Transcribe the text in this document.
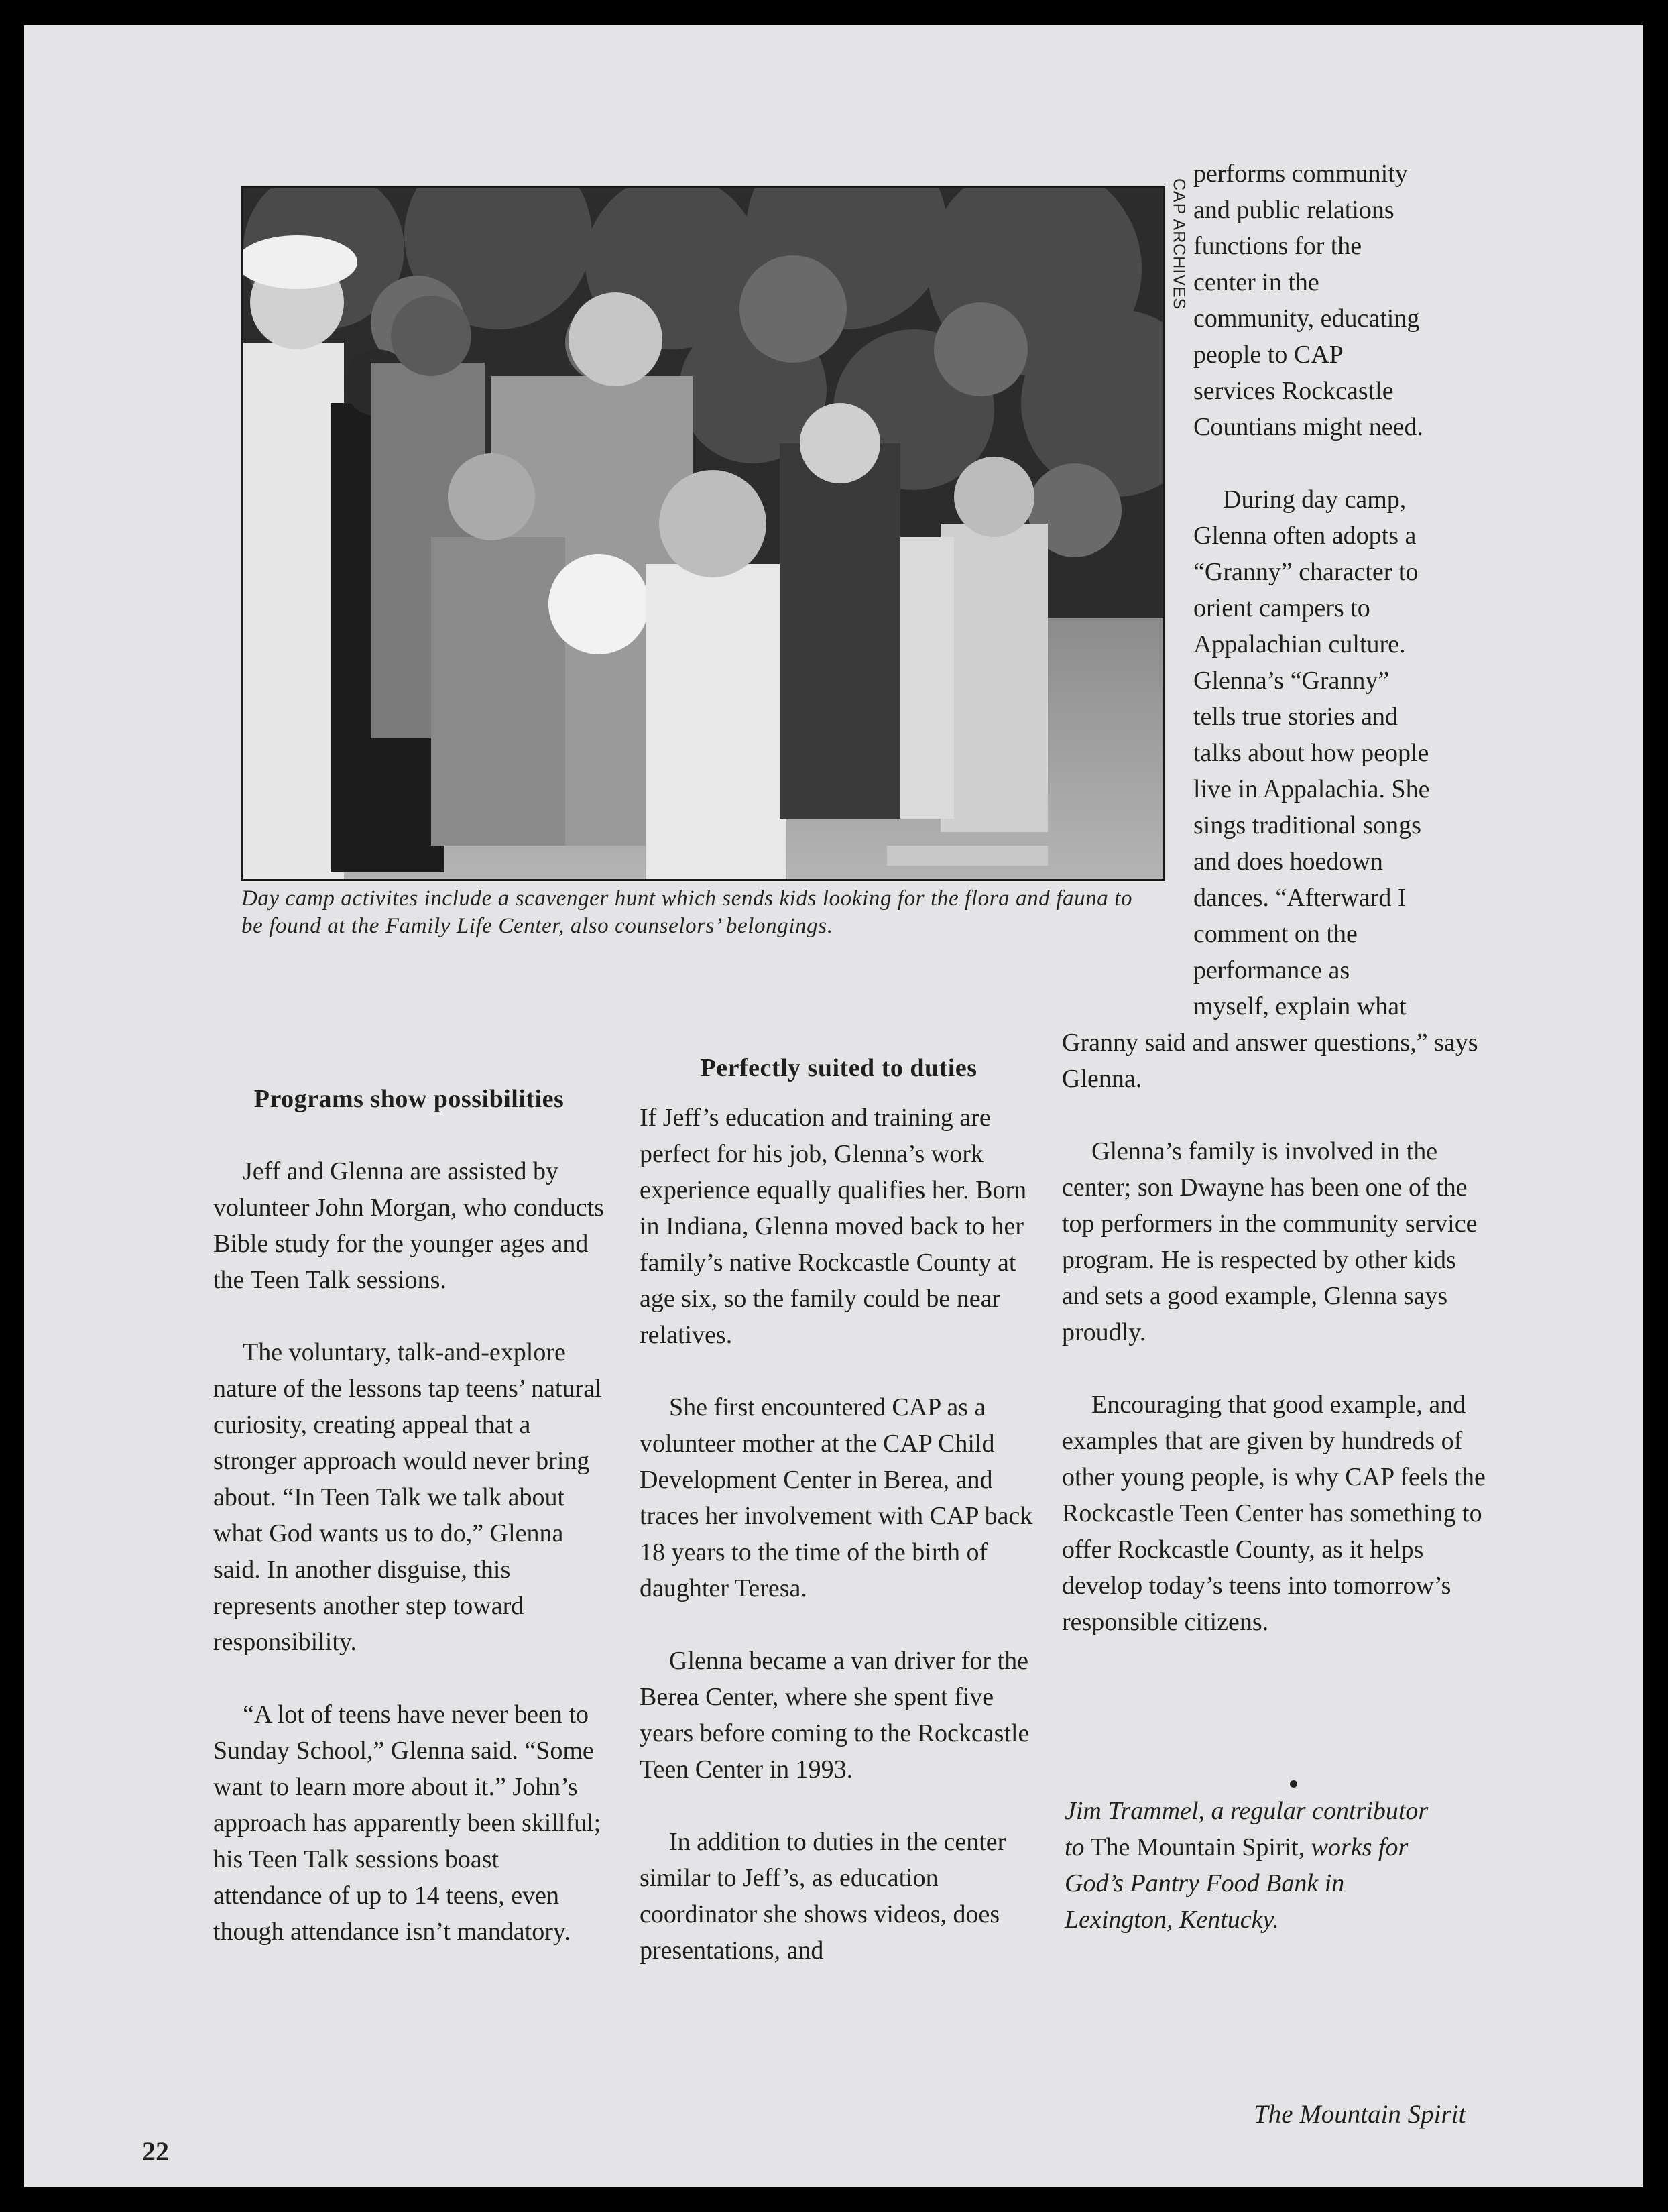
CAP ARCHIVES
Day camp activites include a scavenger hunt which sends kids looking for the flora and fauna to be found at the Family Life Center, also counselors’ belongings.
performs community
and public relations
functions for the
center in the
community, educating
people to CAP
services Rockcastle
Countians might need.
During day camp,
Glenna often adopts a
“Granny” character to
orient campers to
Appalachian culture.
Glenna’s “Granny”
tells true stories and
talks about how people
live in Appalachia. She
sings traditional songs
and does hoedown
dances. “Afterward I
comment on the
performance as
myself, explain what

Programs show possibilities

Jeff and Glenna are assisted by volunteer John Morgan, who conducts Bible study for the younger ages and the Teen Talk sessions.

The voluntary, talk-and-explore nature of the lessons tap teens’ natural curiosity, creating appeal that a stronger approach would never bring about. “In Teen Talk we talk about what God wants us to do,” Glenna said. In another disguise, this represents another step toward responsibility.

“A lot of teens have never been to Sunday School,” Glenna said. “Some want to learn more about it.” John’s approach has apparently been skillful; his Teen Talk sessions boast attendance of up to 14 teens, even though attendance isn’t mandatory.

Perfectly suited to duties

If Jeff’s education and training are perfect for his job, Glenna’s work experience equally qualifies her. Born in Indiana, Glenna moved back to her family’s native Rockcastle County at age six, so the family could be near relatives.

She first encountered CAP as a volunteer mother at the CAP Child Development Center in Berea, and traces her involvement with CAP back 18 years to the time of the birth of daughter Teresa.

Glenna became a van driver for the Berea Center, where she spent five years before coming to the Rockcastle Teen Center in 1993.

In addition to duties in the center similar to Jeff’s, as education coordinator she shows videos, does presentations, and

Granny said and answer questions,” says Glenna.

Glenna’s family is involved in the center; son Dwayne has been one of the top performers in the community service program. He is respected by other kids and sets a good example, Glenna says proudly.

Encouraging that good example, and examples that are given by hundreds of other young people, is why CAP feels the Rockcastle Teen Center has something to offer Rockcastle County, as it helps develop today’s teens into tomorrow’s responsible citizens.

Jim Trammel, a regular contributor to The Mountain Spirit, works for God’s Pantry Food Bank in Lexington, Kentucky.

The Mountain Spirit
22
